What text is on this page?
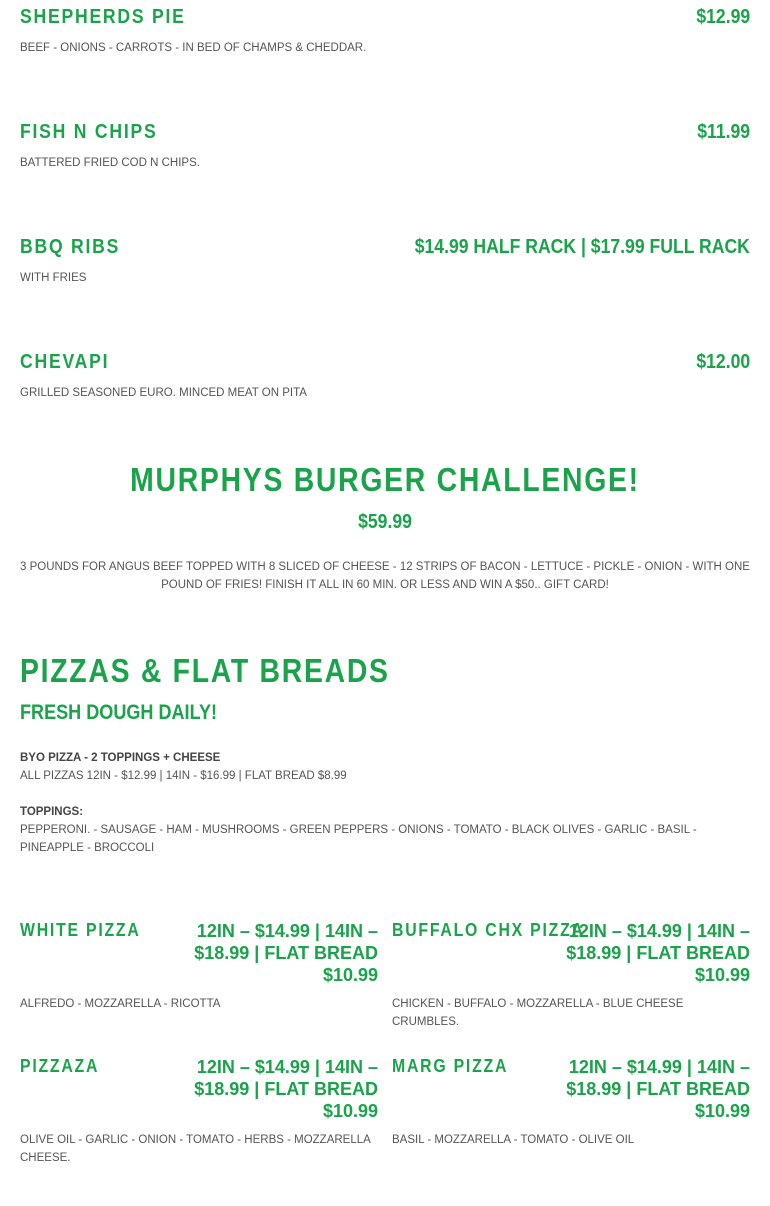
SHEPHERDS PIE	$12.99
BEEF - ONIONS - CARROTS - IN BED OF CHAMPS & CHEDDAR.
FISH N CHIPS	$11.99
BATTERED FRIED COD N CHIPS.
BBQ RIBS	$14.99 HALF RACK | $17.99 FULL RACK
WITH FRIES
CHEVAPI	$12.00
GRILLED SEASONED EURO. MINCED MEAT ON PITA
MURPHYS BURGER CHALLENGE!
$59.99
3 POUNDS FOR ANGUS BEEF TOPPED WITH 8 SLICED OF CHEESE - 12 STRIPS OF BACON - LETTUCE - PICKLE - ONION - WITH ONE POUND OF FRIES! FINISH IT ALL IN 60 MIN. OR LESS AND WIN A $50.. GIFT CARD!
PIZZAS & FLAT BREADS
FRESH DOUGH DAILY!
BYO PIZZA - 2 TOPPINGS + CHEESE
ALL PIZZAS 12IN - $12.99 | 14IN - $16.99 | FLAT BREAD $8.99
TOPPINGS:
PEPPERONI. - SAUSAGE - HAM - MUSHROOMS - GREEN PEPPERS - ONIONS - TOMATO - BLACK OLIVES - GARLIC - BASIL - PINEAPPLE - BROCCOLI
WHITE PIZZA	12IN – $14.99 | 14IN – $18.99 | FLAT BREAD $10.99
ALFREDO - MOZZARELLA - RICOTTA
BUFFALO CHX PIZZA
12IN – $14.99 | 14IN – $18.99 | FLAT BREAD $10.99
CHICKEN - BUFFALO - MOZZARELLA - BLUE CHEESE CRUMBLES.
PIZZAZA	12IN – $14.99 | 14IN – $18.99 | FLAT BREAD $10.99
OLIVE OIL - GARLIC - ONION - TOMATO - HERBS - MOZZARELLA CHEESE.
MARG PIZZA	12IN – $14.99 | 14IN – $18.99 | FLAT BREAD $10.99
BASIL - MOZZARELLA - TOMATO - OLIVE OIL
